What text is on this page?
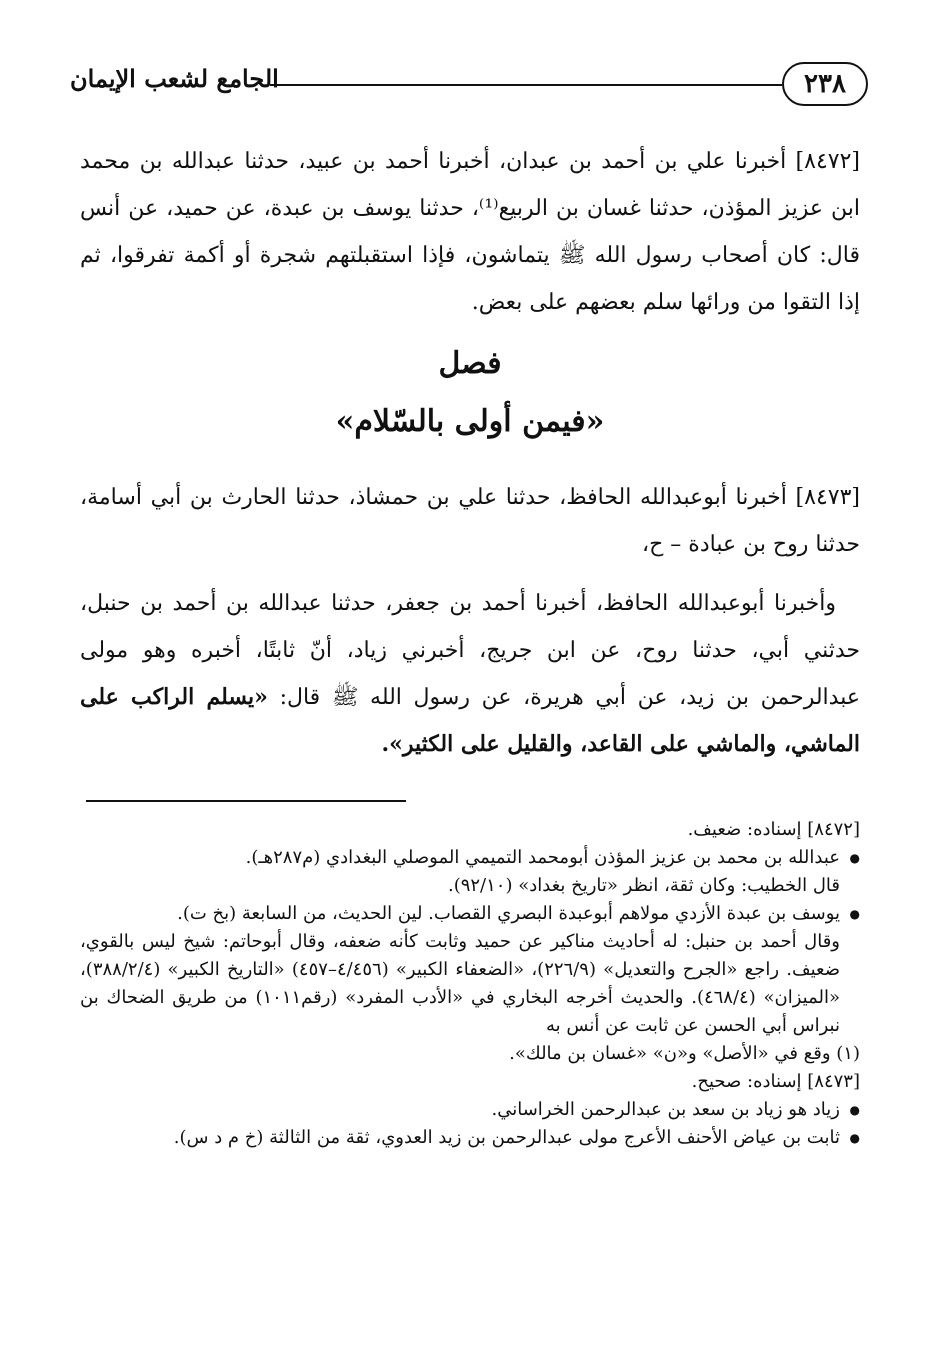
٢٣٨
الجامع لشعب الإيمان

[٨٤٧٢] أخبرنا علي بن أحمد بن عبدان، أخبرنا أحمد بن عبيد، حدثنا عبدالله بن محمد ابن عزيز المؤذن، حدثنا غسان بن الربيع⁽¹⁾، حدثنا يوسف بن عبدة، عن حميد، عن أنس قال: كان أصحاب رسول الله ﷺ يتماشون، فإذا استقبلتهم شجرة أو أكمة تفرقوا، ثم إذا التقوا من ورائها سلم بعضهم على بعض.

فصل
«فيمن أولى بالسّلام»

[٨٤٧٣] أخبرنا أبوعبدالله الحافظ، حدثنا علي بن حمشاذ، حدثنا الحارث بن أبي أسامة، حدثنا روح بن عبادة – ح،

وأخبرنا أبوعبدالله الحافظ، أخبرنا أحمد بن جعفر، حدثنا عبدالله بن أحمد بن حنبل، حدثني أبي، حدثنا روح، عن ابن جريج، أخبرني زياد، أنّ ثابتًا، أخبره وهو مولى عبدالرحمن بن زيد، عن أبي هريرة، عن رسول الله ﷺ قال: «يسلم الراكب على الماشي، والماشي على القاعد، والقليل على الكثير».

[٨٤٧٢] إسناده: ضعيف.

● عبدالله بن محمد بن عزيز المؤذن أبومحمد التميمي الموصلي البغدادي (م٢٨٧هـ).

قال الخطيب: وكان ثقة، انظر «تاريخ بغداد» (٩٢/١٠).

● يوسف بن عبدة الأزدي مولاهم أبوعبدة البصري القصاب. لين الحديث، من السابعة (بخ ت).

وقال أحمد بن حنبل: له أحاديث مناكير عن حميد وثابت كأنه ضعفه، وقال أبوحاتم: شيخ ليس بالقوي، ضعيف. راجع «الجرح والتعديل» (٢٢٦/٩)، «الضعفاء الكبير» (٤/٤٥٦–٤٥٧) «التاريخ الكبير» (٣٨٨/٢/٤)، «الميزان» (٤٦٨/٤). والحديث أخرجه البخاري في «الأدب المفرد» (رقم١٠١١) من طريق الضحاك بن نبراس أبي الحسن عن ثابت عن أنس به

(١) وقع في «الأصل» و«ن» «غسان بن مالك».

[٨٤٧٣] إسناده: صحيح.

● زياد هو زياد بن سعد بن عبدالرحمن الخراساني.

● ثابت بن عياض الأحنف الأعرج مولى عبدالرحمن بن زيد العدوي، ثقة من الثالثة (خ م د س).
